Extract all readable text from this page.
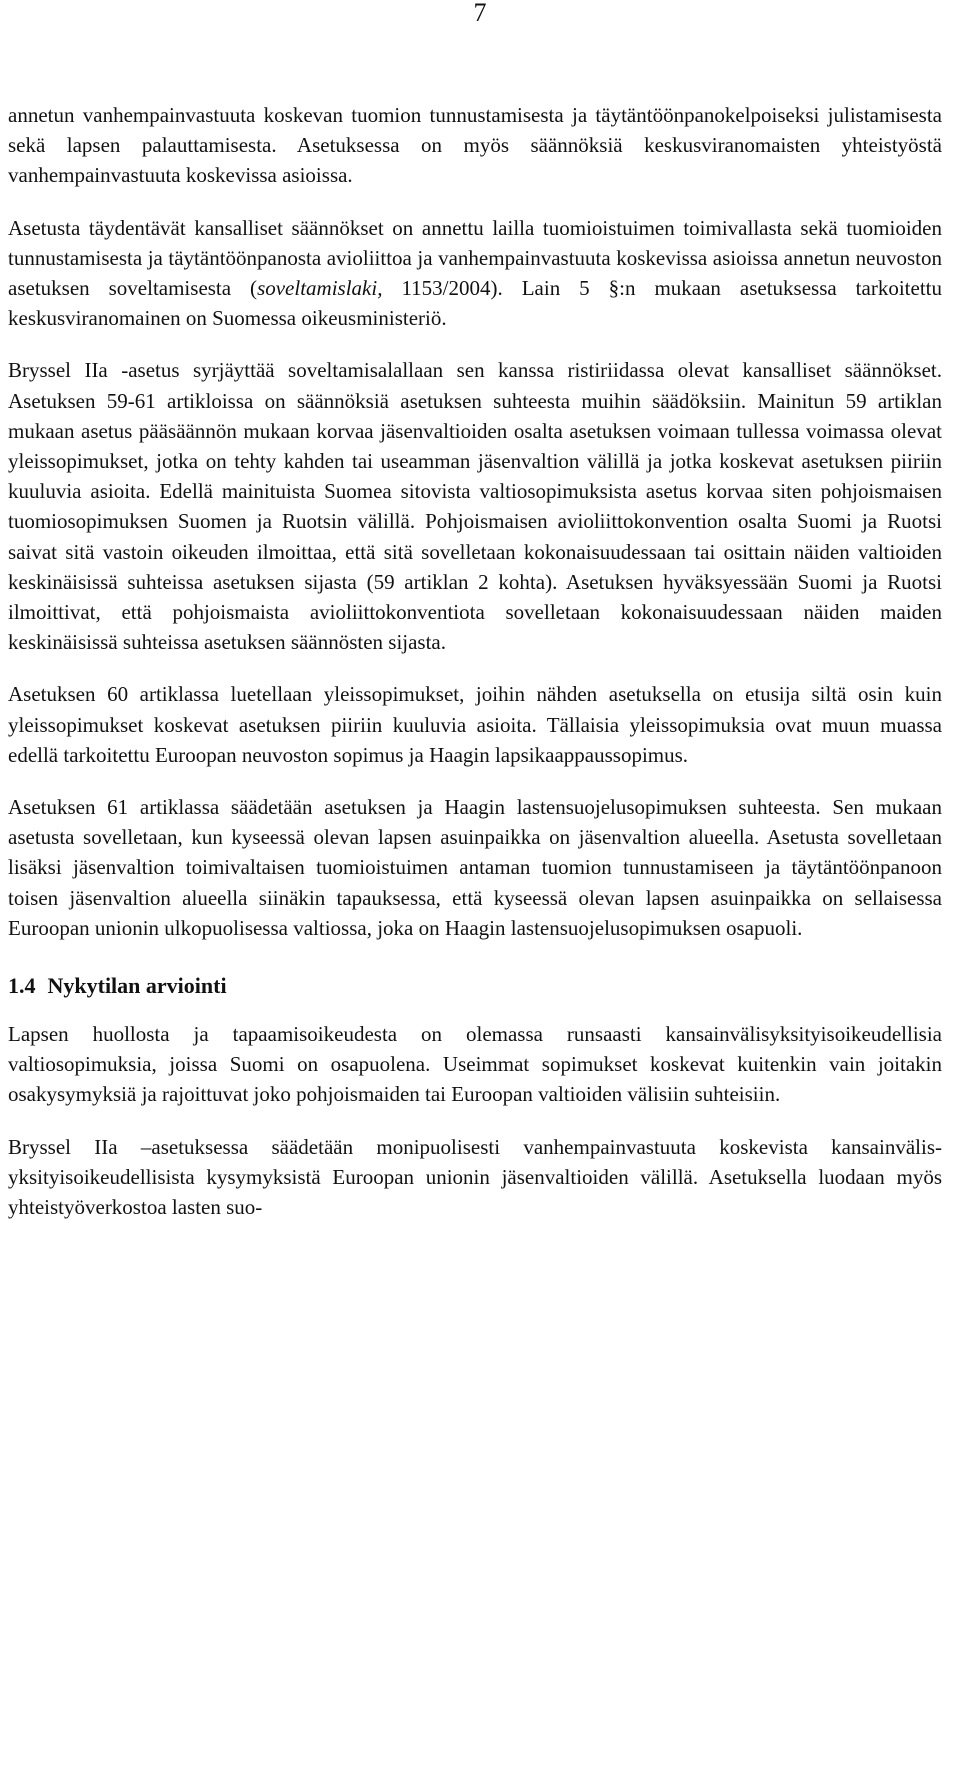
7

annetun vanhempainvastuuta koskevan tuomion tunnustamisesta ja täytäntöönpanokelpoiseksi julistamisesta sekä lapsen palauttamisesta. Asetuksessa on myös säännöksiä keskusviranomaisten yhteistyöstä vanhempainvastuuta koskevissa asioissa.

Asetusta täydentävät kansalliset säännökset on annettu lailla tuomioistuimen toimivallasta sekä tuomioiden tunnustamisesta ja täytäntöönpanosta avioliittoa ja vanhempainvastuuta koskevissa asioissa annetun neuvoston asetuksen soveltamisesta (soveltamislaki, 1153/2004). Lain 5 §:n mukaan asetuksessa tarkoitettu keskusviranomainen on Suomessa oikeusministeriö.

Bryssel IIa -asetus syrjäyttää soveltamisalallaan sen kanssa ristiriidassa olevat kansalliset säännökset. Asetuksen 59-61 artikloissa on säännöksiä asetuksen suhteesta muihin säädöksiin. Mainitun 59 artiklan mukaan asetus pääsäännön mukaan korvaa jäsenvaltioiden osalta asetuksen voimaan tullessa voimassa olevat yleissopimukset, jotka on tehty kahden tai useamman jäsenvaltion välillä ja jotka koskevat asetuksen piiriin kuuluvia asioita. Edellä mainituista Suomea sitovista valtiosopimuksista asetus korvaa siten pohjoismaisen tuomiosopimuksen Suomen ja Ruotsin välillä. Pohjoismaisen avioliittokonvention osalta Suomi ja Ruotsi saivat sitä vastoin oikeuden ilmoittaa, että sitä sovelletaan kokonaisuudessaan tai osittain näiden valtioiden keskinäisissä suhteissa asetuksen sijasta (59 artiklan 2 kohta). Asetuksen hyväksyessään Suomi ja Ruotsi ilmoittivat, että pohjoismaista avioliittokonventiota sovelletaan kokonaisuudessaan näiden maiden keskinäisissä suhteissa asetuksen säännösten sijasta.

Asetuksen 60 artiklassa luetellaan yleissopimukset, joihin nähden asetuksella on etusija siltä osin kuin yleissopimukset koskevat asetuksen piiriin kuuluvia asioita. Tällaisia yleissopimuksia ovat muun muassa edellä tarkoitettu Euroopan neuvoston sopimus ja Haagin lapsikaappaussopimus.

Asetuksen 61 artiklassa säädetään asetuksen ja Haagin lastensuojelusopimuksen suhteesta. Sen mukaan asetusta sovelletaan, kun kyseessä olevan lapsen asuinpaikka on jäsenvaltion alueella. Asetusta sovelletaan lisäksi jäsenvaltion toimivaltaisen tuomioistuimen antaman tuomion tunnustamiseen ja täytäntöönpanoon toisen jäsenvaltion alueella siinäkin tapauksessa, että kyseessä olevan lapsen asuinpaikka on sellaisessa Euroopan unionin ulkopuolisessa valtiossa, joka on Haagin lastensuojelusopimuksen osapuoli.

1.4 Nykytilan arviointi

Lapsen huollosta ja tapaamisoikeudesta on olemassa runsaasti kansainvälisyksityisoikeudellisia valtiosopimuksia, joissa Suomi on osapuolena. Useimmat sopimukset koskevat kuitenkin vain joitakin osakysymyksiä ja rajoittuvat joko pohjoismaiden tai Euroopan valtioiden välisiin suhteisiin.

Bryssel IIa –asetuksessa säädetään monipuolisesti vanhempainvastuuta koskevista kansainvälis-yksityisoikeudellisista kysymyksistä Euroopan unionin jäsenvaltioiden välillä. Asetuksella luodaan myös yhteistyöverkostoa lasten suo-
